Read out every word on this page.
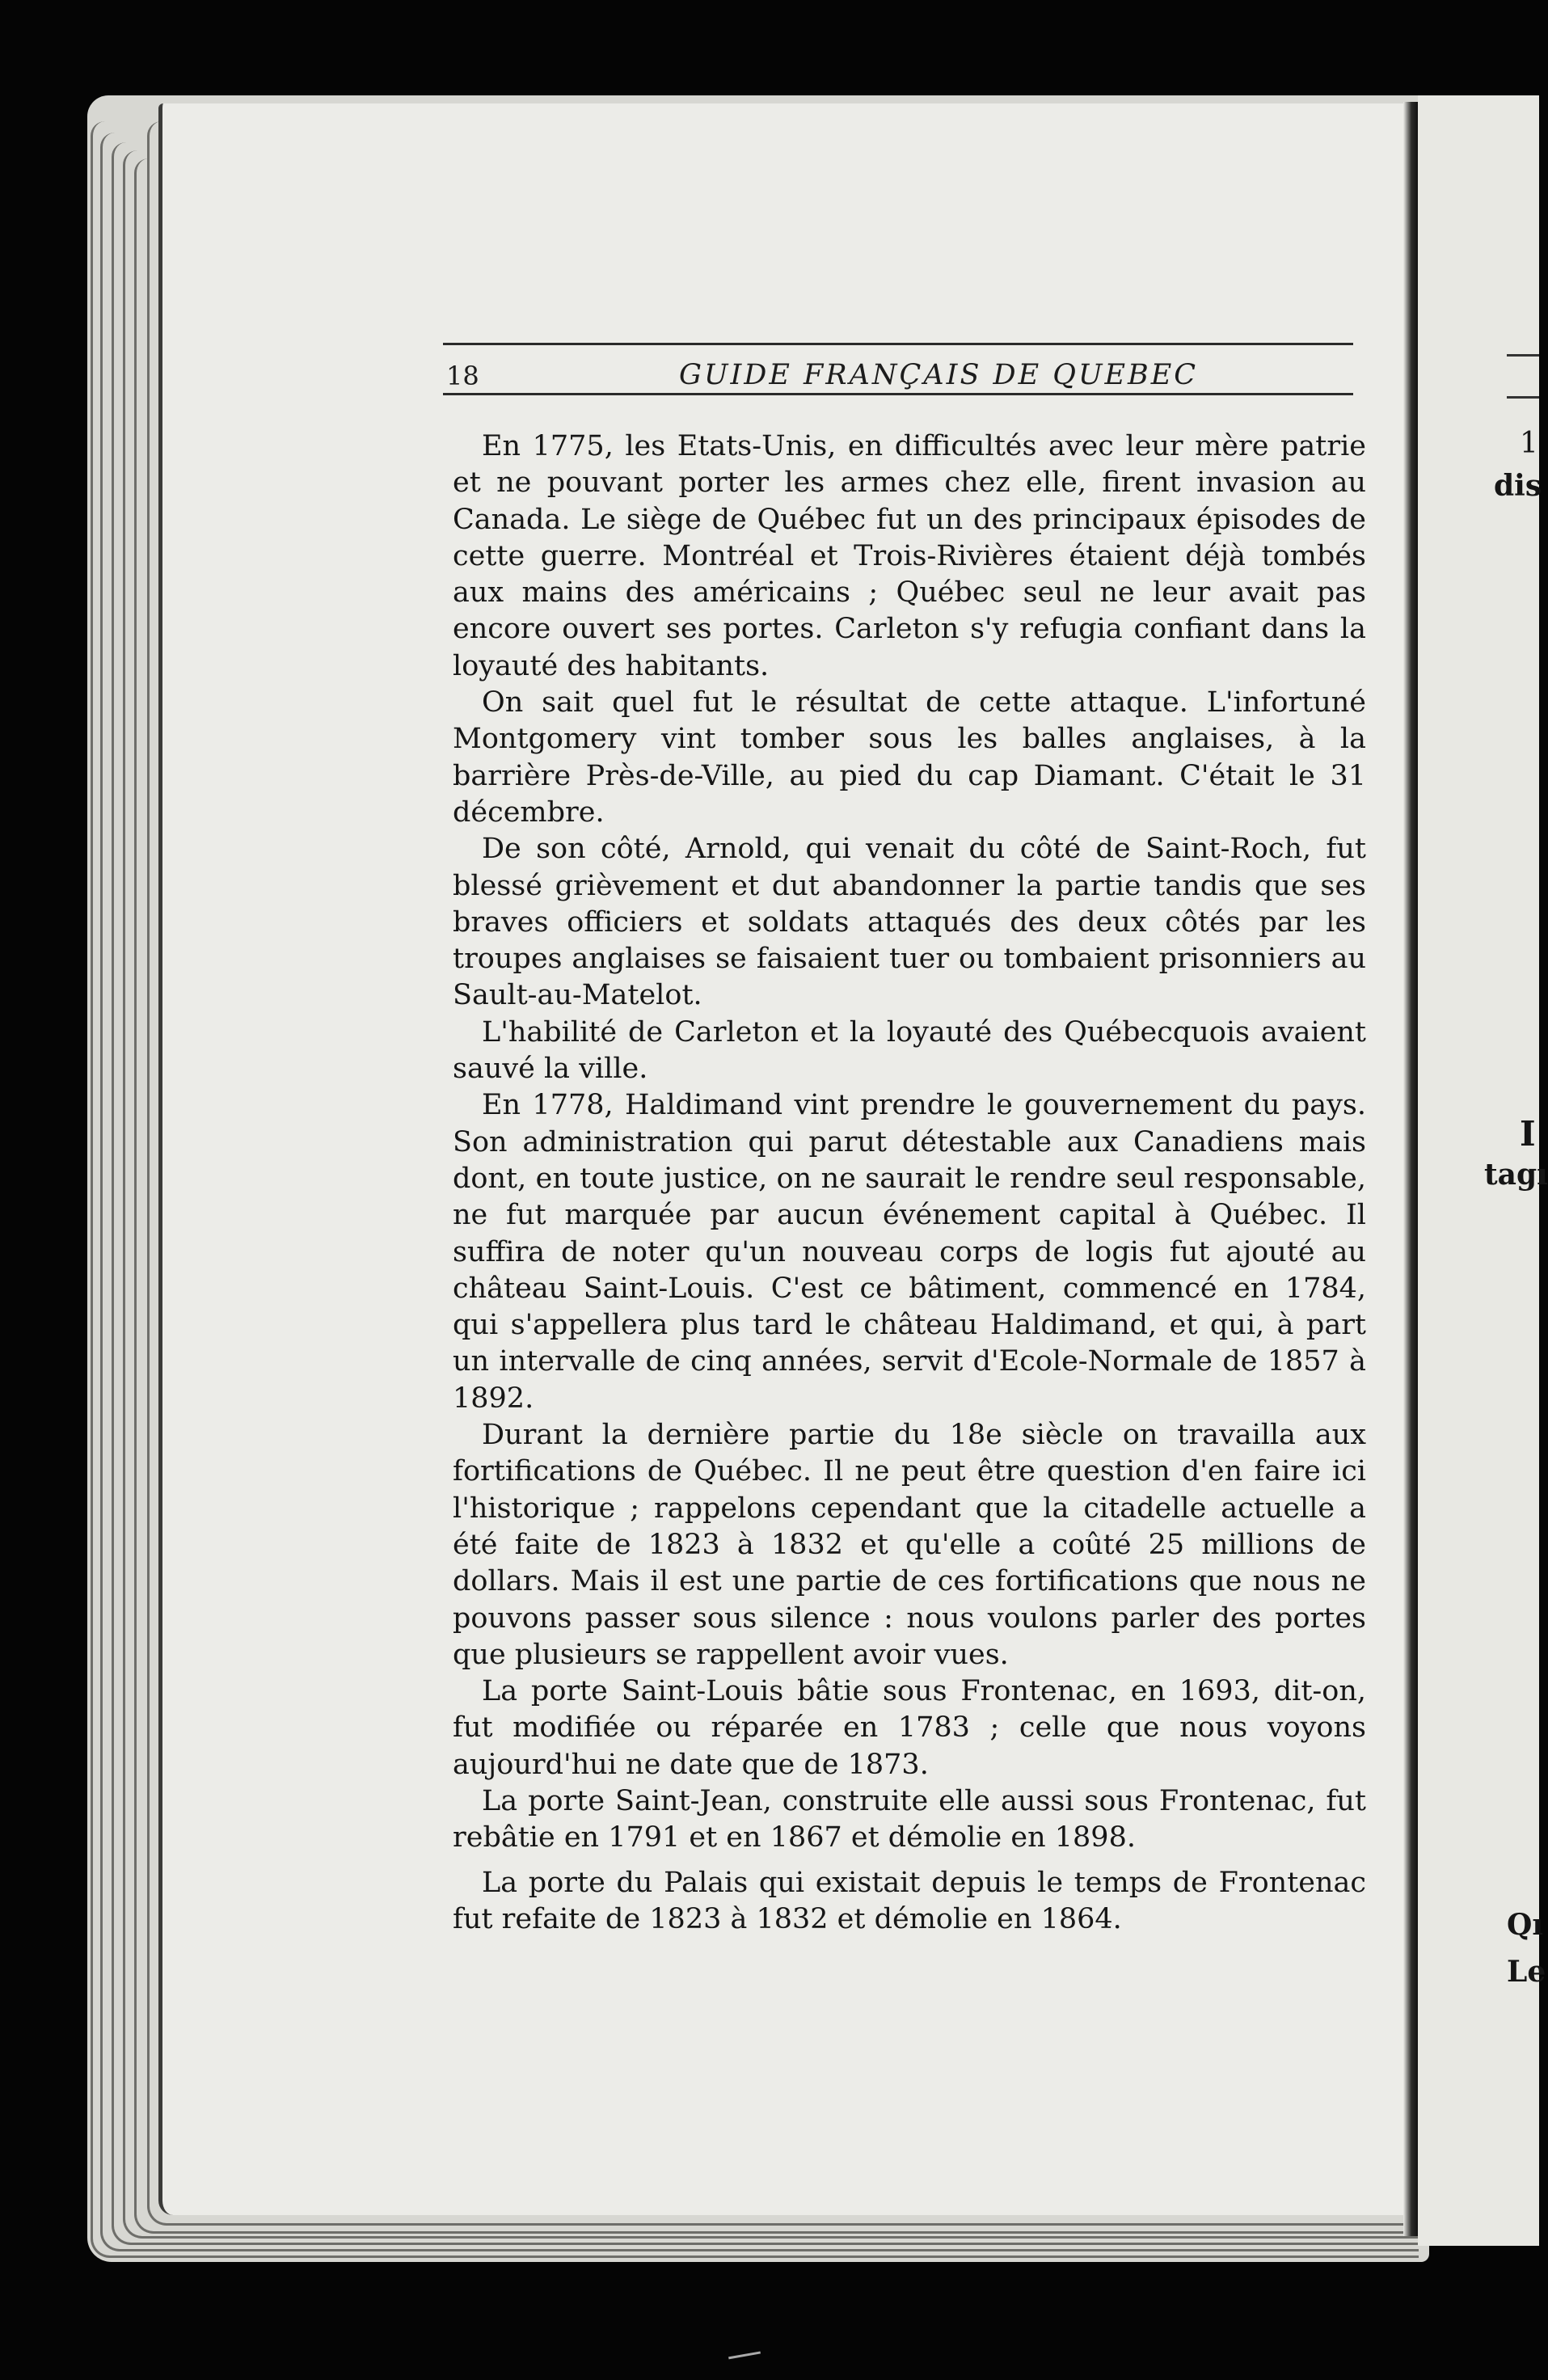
1
dis
I
tagı
Qı
Le
18	GUIDE FRANÇAIS DE QUEBEC

En 1775, les Etats-Unis, en difficultés avec leur mère patrie et ne pouvant porter les armes chez elle, firent invasion au Canada. Le siège de Québec fut un des principaux épisodes de cette guerre. Montréal et Trois-Rivières étaient déjà tombés aux mains des américains ; Québec seul ne leur avait pas encore ouvert ses portes. Carleton s'y refugia confiant dans la loyauté des habitants.

On sait quel fut le résultat de cette attaque. L'infortuné Montgomery vint tomber sous les balles anglaises, à la barrière Près-de-Ville, au pied du cap Diamant. C'était le 31 décembre.

De son côté, Arnold, qui venait du côté de Saint-Roch, fut blessé grièvement et dut abandonner la partie tandis que ses braves officiers et soldats attaqués des deux côtés par les troupes anglaises se faisaient tuer ou tombaient prisonniers au Sault-au-Matelot.

L'habilité de Carleton et la loyauté des Québecquois avaient sauvé la ville.

En 1778, Haldimand vint prendre le gouvernement du pays. Son administration qui parut détestable aux Canadiens mais dont, en toute justice, on ne saurait le rendre seul responsable, ne fut marquée par aucun événement capital à Québec. Il suffira de noter qu'un nouveau corps de logis fut ajouté au château Saint-Louis. C'est ce bâtiment, commencé en 1784, qui s'appellera plus tard le château Haldimand, et qui, à part un intervalle de cinq années, servit d'Ecole-Normale de 1857 à 1892.

Durant la dernière partie du 18e siècle on travailla aux fortifications de Québec. Il ne peut être question d'en faire ici l'historique ; rappelons cependant que la citadelle actuelle a été faite de 1823 à 1832 et qu'elle a coûté 25 millions de dollars. Mais il est une partie de ces fortifications que nous ne pouvons passer sous silence : nous voulons parler des portes que plusieurs se rappellent avoir vues.

La porte Saint-Louis bâtie sous Frontenac, en 1693, dit-on, fut modifiée ou réparée en 1783 ; celle que nous voyons aujourd'hui ne date que de 1873.

La porte Saint-Jean, construite elle aussi sous Frontenac, fut rebâtie en 1791 et en 1867 et démolie en 1898.

La porte du Palais qui existait depuis le temps de Frontenac fut refaite de 1823 à 1832 et démolie en 1864.
